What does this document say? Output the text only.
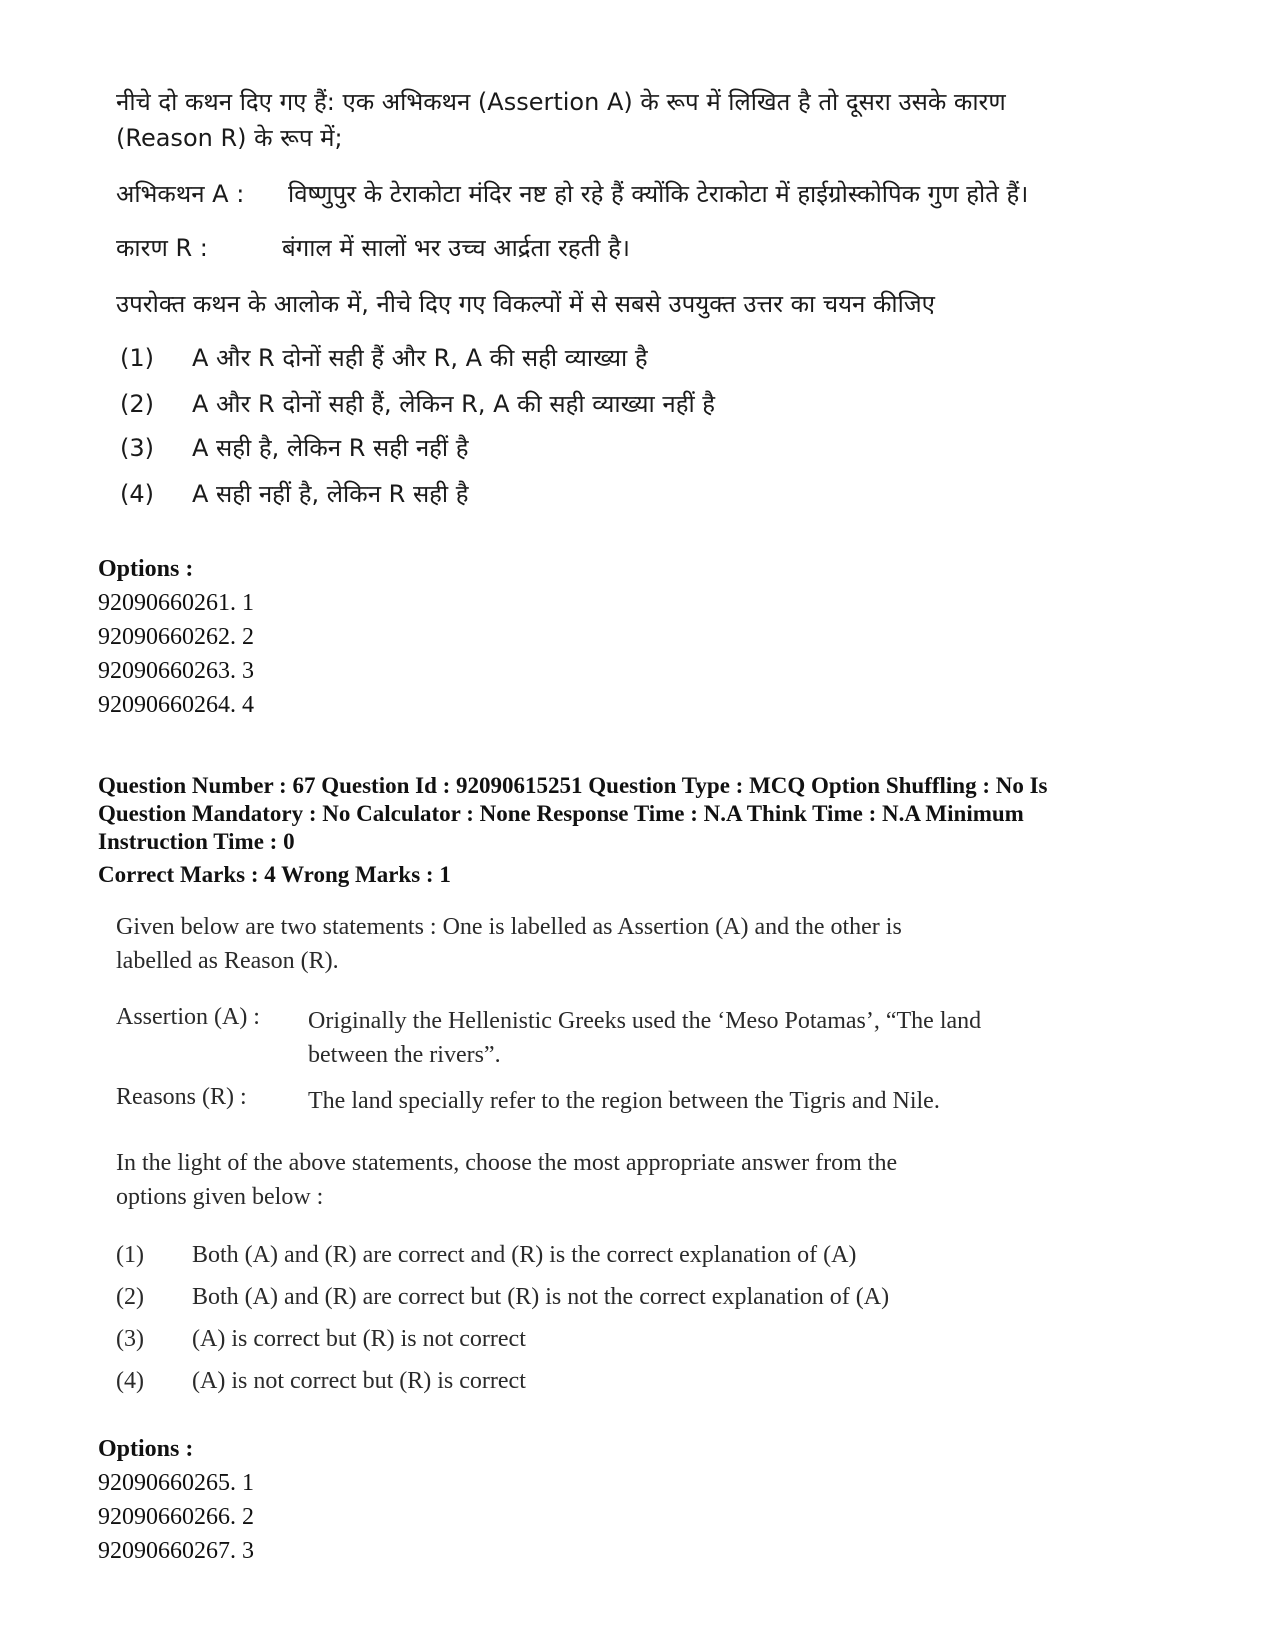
नीचे दो कथन दिए गए हैं: एक अभिकथन (Assertion A) के रूप में लिखित है तो दूसरा उसके कारण
(Reason R) के रूप में;
अभिकथन A : विष्णुपुर के टेराकोटा मंदिर नष्ट हो रहे हैं क्योंकि टेराकोटा में हाईग्रोस्कोपिक गुण होते हैं।
कारण R :	बंगाल में सालों भर उच्च आर्द्रता रहती है।
उपरोक्त कथन के आलोक में, नीचे दिए गए विकल्पों में से सबसे उपयुक्त उत्तर का चयन कीजिए
(1) A और R दोनों सही हैं और R, A की सही व्याख्या है
(2) A और R दोनों सही हैं, लेकिन R, A की सही व्याख्या नहीं है
(3) A सही है, लेकिन R सही नहीं है
(4) A सही नहीं है, लेकिन R सही है
Options :
92090660261. 1
92090660262. 2
92090660263. 3
92090660264. 4
Question Number : 67 Question Id : 92090615251 Question Type : MCQ Option Shuffling : No Is
Question Mandatory : No Calculator : None Response Time : N.A Think Time : N.A Minimum
Instruction Time : 0
Correct Marks : 4 Wrong Marks : 1
Given below are two statements : One is labelled as Assertion (A) and the other is
labelled as Reason (R).
Assertion (A) : Originally the Hellenistic Greeks used the ‘Meso Potamas’, “The land
between the rivers”.
Reasons (R) :	The land specially refer to the region between the Tigris and Nile.
In the light of the above statements, choose the most appropriate answer from the
options given below :
(1) Both (A) and (R) are correct and (R) is the correct explanation of (A)
(2) Both (A) and (R) are correct but (R) is not the correct explanation of (A)
(3) (A) is correct but (R) is not correct
(4) (A) is not correct but (R) is correct
Options :
92090660265. 1
92090660266. 2
92090660267. 3
